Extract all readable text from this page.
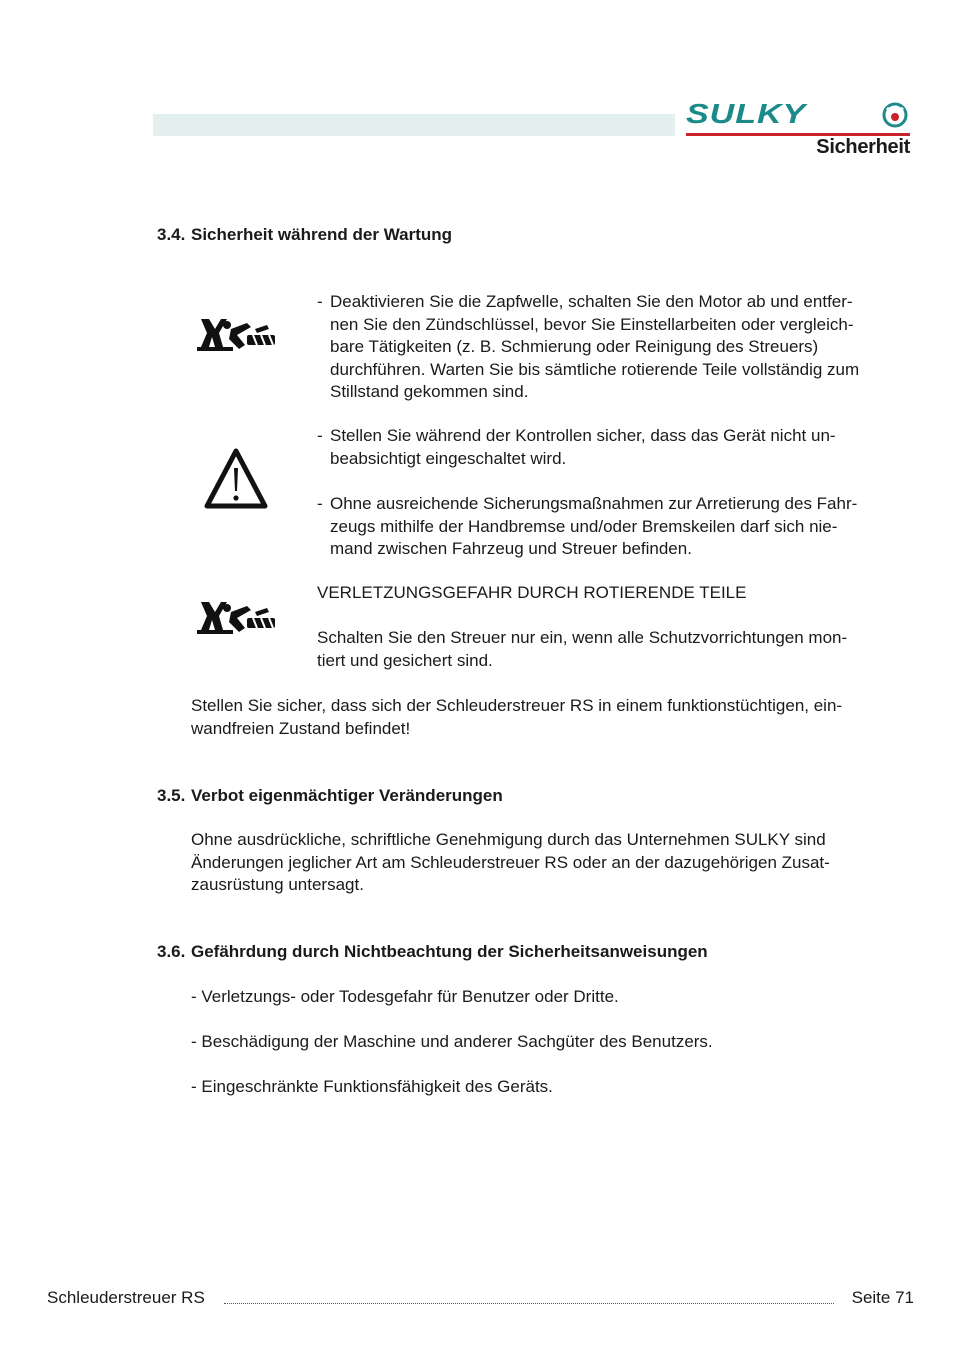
SULKY
Sicherheit
3.4. Sicherheit während der Wartung
- Deaktivieren Sie die Zapfwelle, schalten Sie den Motor ab und entfer-
nen Sie den Zündschlüssel, bevor Sie Einstellarbeiten oder vergleich-
bare Tätigkeiten (z. B. Schmierung oder Reinigung des Streuers)
durchführen. Warten Sie bis sämtliche rotierende Teile vollständig zum
Stillstand gekommen sind.
- Stellen Sie während der Kontrollen sicher, dass das Gerät nicht un-
beabsichtigt eingeschaltet wird.
- Ohne ausreichende Sicherungsmaßnahmen zur Arretierung des Fahr-
zeugs mithilfe der Handbremse und/oder Bremskeilen darf sich nie-
mand zwischen Fahrzeug und Streuer befinden.
VERLETZUNGSGEFAHR DURCH ROTIERENDE TEILE
Schalten Sie den Streuer nur ein, wenn alle Schutzvorrichtungen mon-
tiert und gesichert sind.
Stellen Sie sicher, dass sich der Schleuderstreuer RS in einem funktionstüchtigen, ein-
wandfreien Zustand befindet!
3.5. Verbot eigenmächtiger Veränderungen
Ohne ausdrückliche, schriftliche Genehmigung durch das Unternehmen SULKY sind
Änderungen jeglicher Art am Schleuderstreuer RS oder an der dazugehörigen Zusat-
zausrüstung untersagt.
3.6. Gefährdung durch Nichtbeachtung der Sicherheitsanweisungen
- Verletzungs- oder Todesgefahr für Benutzer oder Dritte.
- Beschädigung der Maschine und anderer Sachgüter des Benutzers.
- Eingeschränkte Funktionsfähigkeit des Geräts.
Schleuderstreuer RS	Seite 71
